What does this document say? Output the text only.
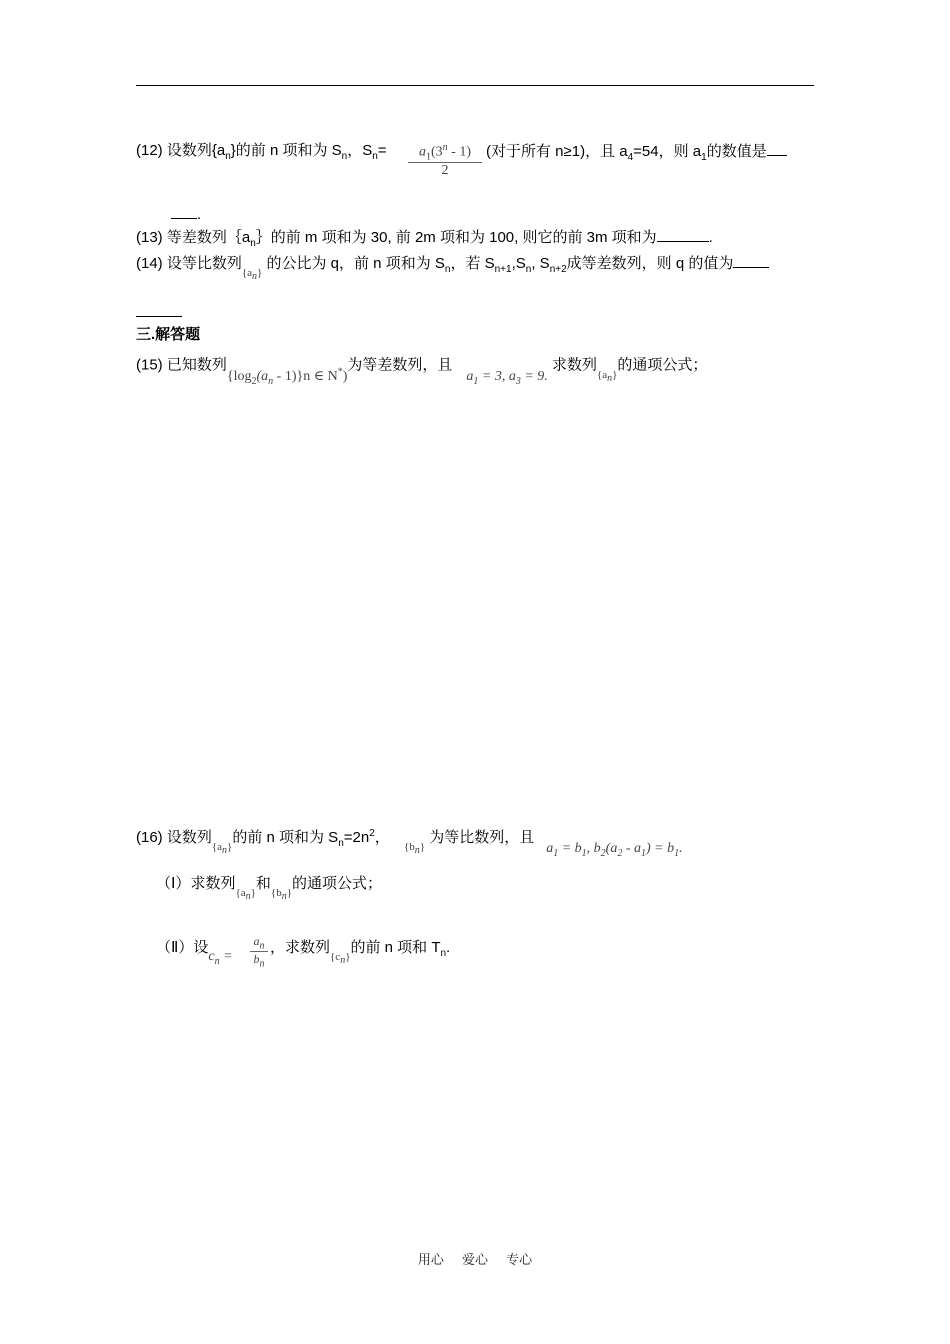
(12) 设数列$\{a_n\}$的前 n 项和为 $S_n$，$S_n=$	$a_1(3^n - 1)$
2
(对于所有 n≥1)，且 $a_4=54$，则 $a_1$的数值是
.
(13) 等差数列$\{a_n\}$的前 m 项和为 30, 前 2m 项和为 100, 则它的前 3m 项和为	.
(14) 设等比数列$_{\{a_n\}}$ 的公比为 q，前 n 项和为 $S_n$，若 $S_{n+1},S_n$, $S_{n+2}$成等差数列，则 q 的值为
三.解答题
(15) 已知数列$\{\log_2(a_n - 1)\}n$ ∈ N*)为等差数列，且$a_1 = 3$, $a_3 = 9$. 求数列$_{\{a_n\}}$的通项公式；
(16) 设数列$_{\{a_n\}}$的前 n 项和为 $S_n=2n^2$， $_{\{b_n\}}$ 为等比数列，且$a_1 = b_1$, $b_2(a_2 - a_1) = b_1$.
（Ⅰ）求数列$_{\{a_n\}}$和$_{\{b_n\}}$的通项公式；
（Ⅱ）设$c_n$ =
$a_n$
$b_n$
，求数列$_{\{c_n\}}$的前 n 项和 $T_n$.
用心 爱心 专心
